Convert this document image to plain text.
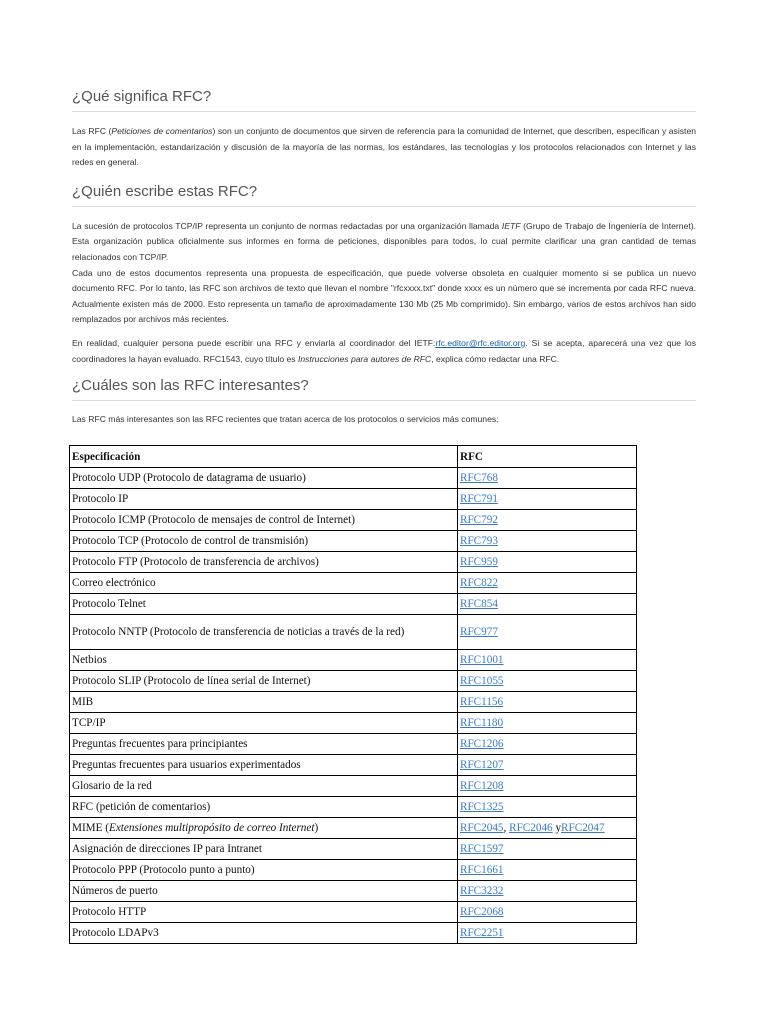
¿Qué significa RFC?

Las RFC (Peticiones de comentarios) son un conjunto de documentos que sirven de referencia para la comunidad de Internet, que describen, especifican y asisten en la implementación, estandarización y discusión de la mayoría de las normas, los estándares, las tecnologías y los protocolos relacionados con Internet y las redes en general.

¿Quién escribe estas RFC?

La sucesión de protocolos TCP/IP representa un conjunto de normas redactadas por una organización llamada IETF (Grupo de Trabajo de Ingeniería de Internet). Esta organización publica oficialmente sus informes en forma de peticiones, disponibles para todos, lo cual permite clarificar una gran cantidad de temas relacionados con TCP/IP.
Cada uno de estos documentos representa una propuesta de especificación, que puede volverse obsoleta en cualquier momento si se publica un nuevo documento RFC. Por lo tanto, las RFC son archivos de texto que llevan el nombre "rfcxxxx.txt" donde xxxx es un número que se incrementa por cada RFC nueva. Actualmente existen más de 2000. Esto representa un tamaño de aproximadamente 130 Mb (25 Mb comprimido). Sin embargo, varios de estos archivos han sido remplazados por archivos más recientes.

En realidad, cualquier persona puede escribir una RFC y enviarla al coordinador del IETF:rfc.editor@rfc.editor.org. Si se acepta, aparecerá una vez que los coordinadores la hayan evaluado. RFC1543, cuyo título es Instrucciones para autores de RFC, explica cómo redactar una RFC.

¿Cuáles son las RFC interesantes?

Las RFC más interesantes son las RFC recientes que tratan acerca de los protocolos o servicios más comunes:

Especificación	RFC
Protocolo UDP (Protocolo de datagrama de usuario)	RFC768
Protocolo IP	RFC791
Protocolo ICMP (Protocolo de mensajes de control de Internet)	RFC792
Protocolo TCP (Protocolo de control de transmisión)	RFC793
Protocolo FTP (Protocolo de transferencia de archivos)	RFC959
Correo electrónico	RFC822
Protocolo Telnet	RFC854
Protocolo NNTP (Protocolo de transferencia de noticias a través de la red)	RFC977
Netbios	RFC1001
Protocolo SLIP (Protocolo de línea serial de Internet)	RFC1055
MIB	RFC1156
TCP/IP	RFC1180
Preguntas frecuentes para principiantes	RFC1206
Preguntas frecuentes para usuarios experimentados	RFC1207
Glosario de la red	RFC1208
RFC (petición de comentarios)	RFC1325
MIME (Extensiones multipropósito de correo Internet)	RFC2045, RFC2046 yRFC2047
Asignación de direcciones IP para Intranet	RFC1597
Protocolo PPP (Protocolo punto a punto)	RFC1661
Números de puerto	RFC3232
Protocolo HTTP	RFC2068
Protocolo LDAPv3	RFC2251
